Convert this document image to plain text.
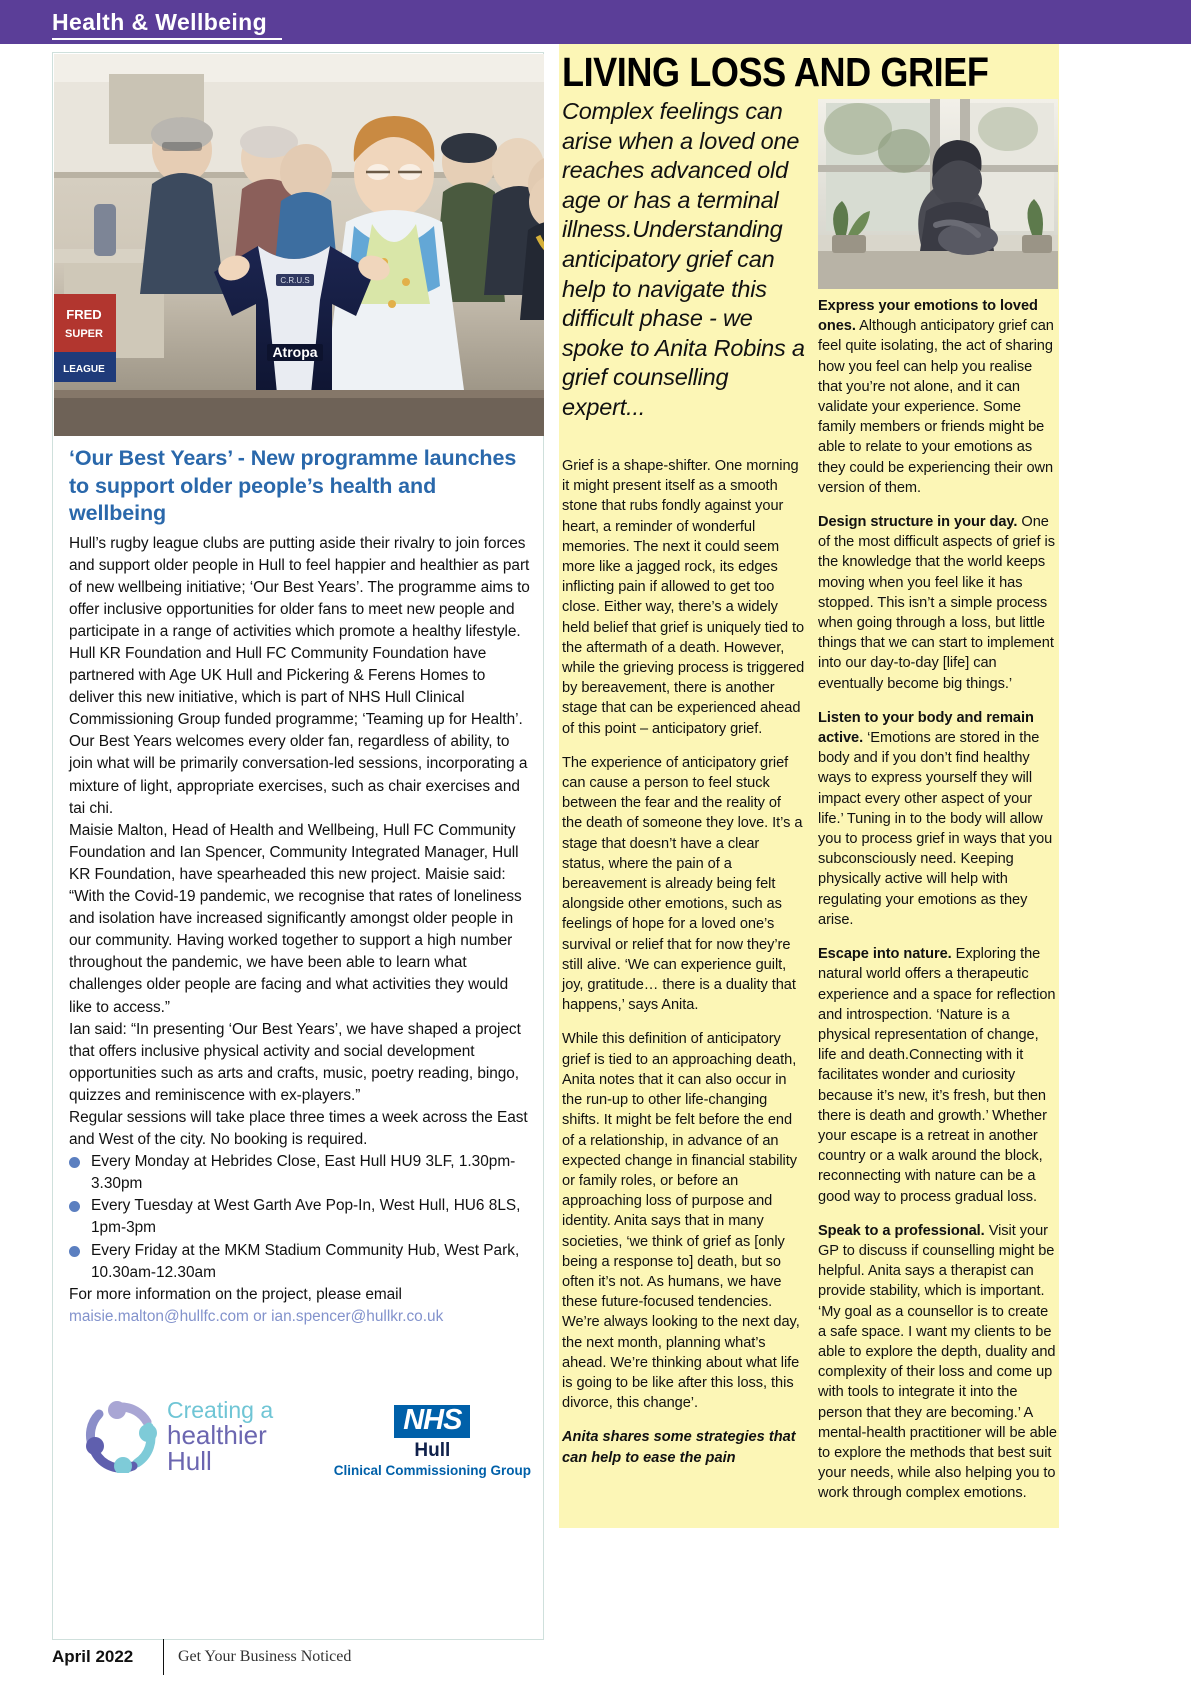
Health & Wellbeing
Atropa
C.R.U.S
FRED
SUPER
LEAGUE
‘Our Best Years’ - New programme launches to support older people’s health and wellbeing

Hull’s rugby league clubs are putting aside their rivalry to join forces and support older people in Hull to feel happier and healthier as part of new wellbeing initiative; ‘Our Best Years’. The programme aims to offer inclusive opportunities for older fans to meet new people and participate in a range of activities which promote a healthy lifestyle.

Hull KR Foundation and Hull FC Community Foundation have partnered with Age UK Hull and Pickering & Ferens Homes to deliver this new initiative, which is part of NHS Hull Clinical Commissioning Group funded programme; ‘Teaming up for Health’.

Our Best Years welcomes every older fan, regardless of ability, to join what will be primarily conversation-led sessions, incorporating a mixture of light, appropriate exercises, such as chair exercises and tai chi.

Maisie Malton, Head of Health and Wellbeing, Hull FC Community Foundation and Ian Spencer, Community Integrated Manager, Hull KR Foundation, have spearheaded this new project. Maisie said: “With the Covid-19 pandemic, we recognise that rates of loneliness and isolation have increased significantly amongst older people in our community. Having worked together to support a high number throughout the pandemic, we have been able to learn what challenges older people are facing and what activities they would like to access.”

Ian said: “In presenting ‘Our Best Years’, we have shaped a project that offers inclusive physical activity and social development opportunities such as arts and crafts, music, poetry reading, bingo, quizzes and reminiscence with ex-players.”

Regular sessions will take place three times a week across the East and West of the city. No booking is required.

Every Monday at Hebrides Close, East Hull HU9 3LF, 1.30pm-3.30pm

Every Tuesday at West Garth Ave Pop-In, West Hull, HU6 8LS, 1pm-3pm

Every Friday at the MKM Stadium Community Hub, West Park, 10.30am-12.30am

For more information on the project, please email

maisie.malton@hullfc.com or ian.spencer@hullkr.co.uk

Creating a
healthier
Hull
NHS
Hull
Clinical Commissioning Group
LIVING LOSS AND GRIEF
Complex feelings can arise when a loved one reaches advanced old age or has a terminal illness.Understanding anticipatory grief can help to navigate this difficult phase - we spoke to Anita Robins a grief counselling expert...

Grief is a shape-shifter. One morning it might present itself as a smooth stone that rubs fondly against your heart, a reminder of wonderful memories. The next it could seem more like a jagged rock, its edges inflicting pain if allowed to get too close. Either way, there’s a widely held belief that grief is uniquely tied to the aftermath of a death. However, while the grieving process is triggered by bereavement, there is another stage that can be experienced ahead of this point – anticipatory grief.

The experience of anticipatory grief can cause a person to feel stuck between the fear and the reality of the death of someone they love. It’s a stage that doesn’t have a clear status, where the pain of a bereavement is already being felt alongside other emotions, such as feelings of hope for a loved one’s survival or relief that for now they’re still alive. ‘We can experience guilt, joy, gratitude… there is a duality that happens,’ says Anita.

While this definition of anticipatory grief is tied to an approaching death, Anita notes that it can also occur in the run-up to other life-changing shifts. It might be felt before the end of a relationship, in advance of an expected change in financial stability or family roles, or before an approaching loss of purpose and identity. Anita says that in many societies, ‘we think of grief as [only being a response to] death, but so often it’s not. As humans, we have these future-focused tendencies. We’re always looking to the next day, the next month, planning what’s ahead. We’re thinking about what life is going to be like after this loss, this divorce, this change’.

Anita shares some strategies that can help to ease the pain

Express your emotions to loved ones. Although anticipatory grief can feel quite isolating, the act of sharing how you feel can help you realise that you’re not alone, and it can validate your experience. Some family members or friends might be able to relate to your emotions as they could be experiencing their own version of them.

Design structure in your day. One of the most difficult aspects of grief is the knowledge that the world keeps moving when you feel like it has stopped. This isn’t a simple process when going through a loss, but little things that we can start to implement into our day-to-day [life] can eventually become big things.’

Listen to your body and remain active. ‘Emotions are stored in the body and if you don’t find healthy ways to express yourself they will impact every other aspect of your life.’ Tuning in to the body will allow you to process grief in ways that you subconsciously need. Keeping physically active will help with regulating your emotions as they arise.

Escape into nature. Exploring the natural world offers a therapeutic experience and a space for reflection and introspection. ‘Nature is a physical representation of change, life and death.Connecting with it facilitates wonder and curiosity because it’s new, it’s fresh, but then there is death and growth.’ Whether your escape is a retreat in another country or a walk around the block, reconnecting with nature can be a good way to process gradual loss.

Speak to a professional. Visit your GP to discuss if counselling might be helpful. Anita says a therapist can provide stability, which is important. ‘My goal as a counsellor is to create a safe space. I want my clients to be able to explore the depth, duality and complexity of their loss and come up with tools to integrate it into the person that they are becoming.’ A mental-health practitioner will be able to explore the methods that best suit your needs, while also helping you to work through complex emotions.

April 2022	Get Your Business Noticed
